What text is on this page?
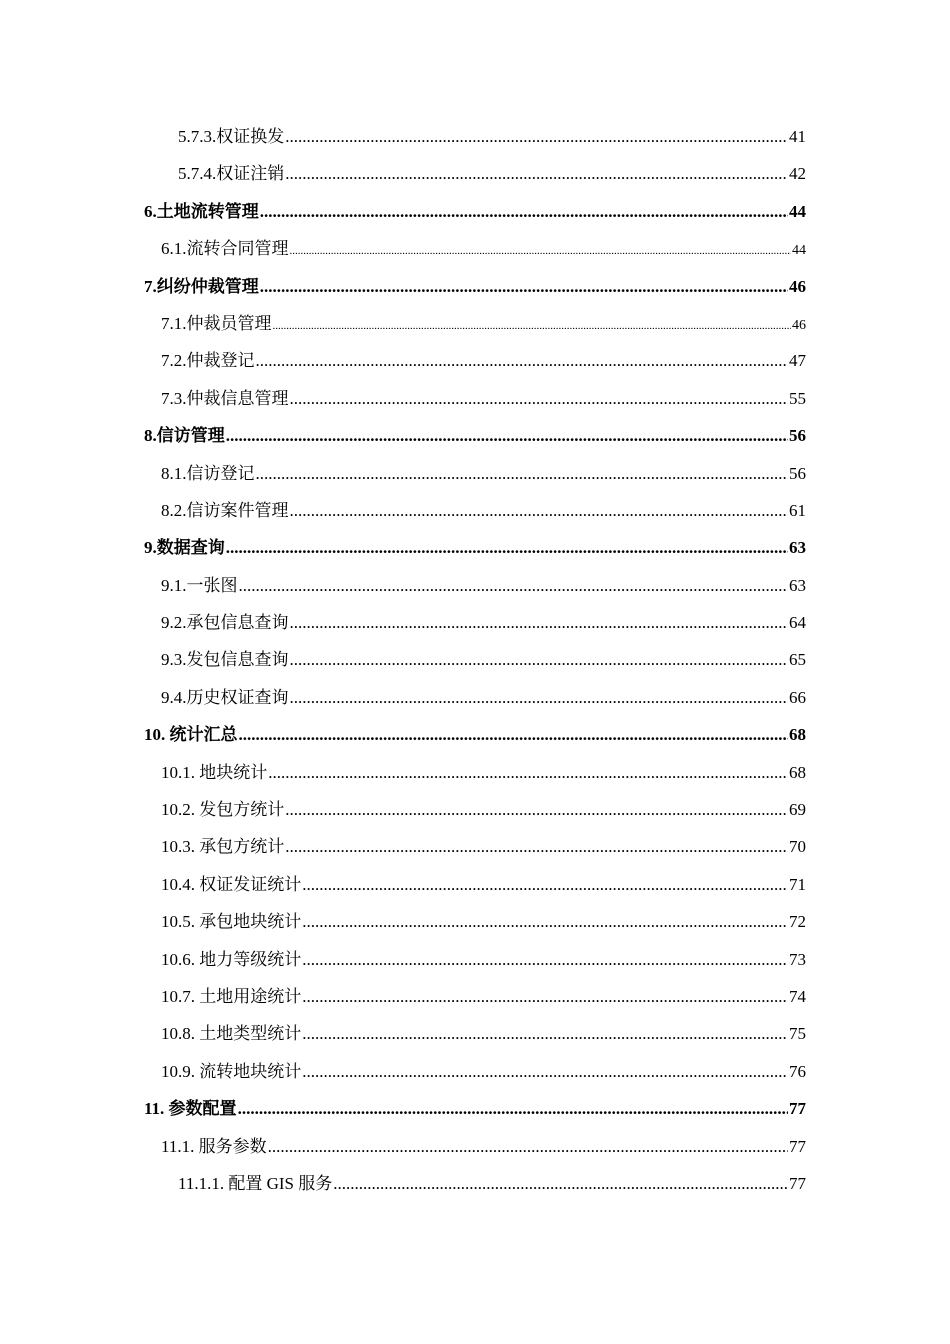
5.7.3.权证换发 .....	41
5.7.4.权证注销 .....	42
6.土地流转管理 .....	44
6.1.流转合同管理 .....	44
7.纠纷仲裁管理 .....	46
7.1.仲裁员管理 .....	46
7.2.仲裁登记 .....	47
7.3.仲裁信息管理 .....	55
8.信访管理 .....	56
8.1.信访登记 .....	56
8.2.信访案件管理 .....	61
9.数据查询 .....	63
9.1.一张图 .....	63
9.2.承包信息查询 .....	64
9.3.发包信息查询 .....	65
9.4.历史权证查询 .....	66
10. 统计汇总 .....	68
10.1. 地块统计 .....	68
10.2. 发包方统计 .....	69
10.3. 承包方统计 .....	70
10.4. 权证发证统计 .....	71
10.5. 承包地块统计 .....	72
10.6. 地力等级统计 .....	73
10.7. 土地用途统计 .....	74
10.8. 土地类型统计 .....	75
10.9. 流转地块统计 .....	76
11. 参数配置 .....	77
11.1. 服务参数 .....	77
11.1.1. 配置 GIS 服务 .....	77
